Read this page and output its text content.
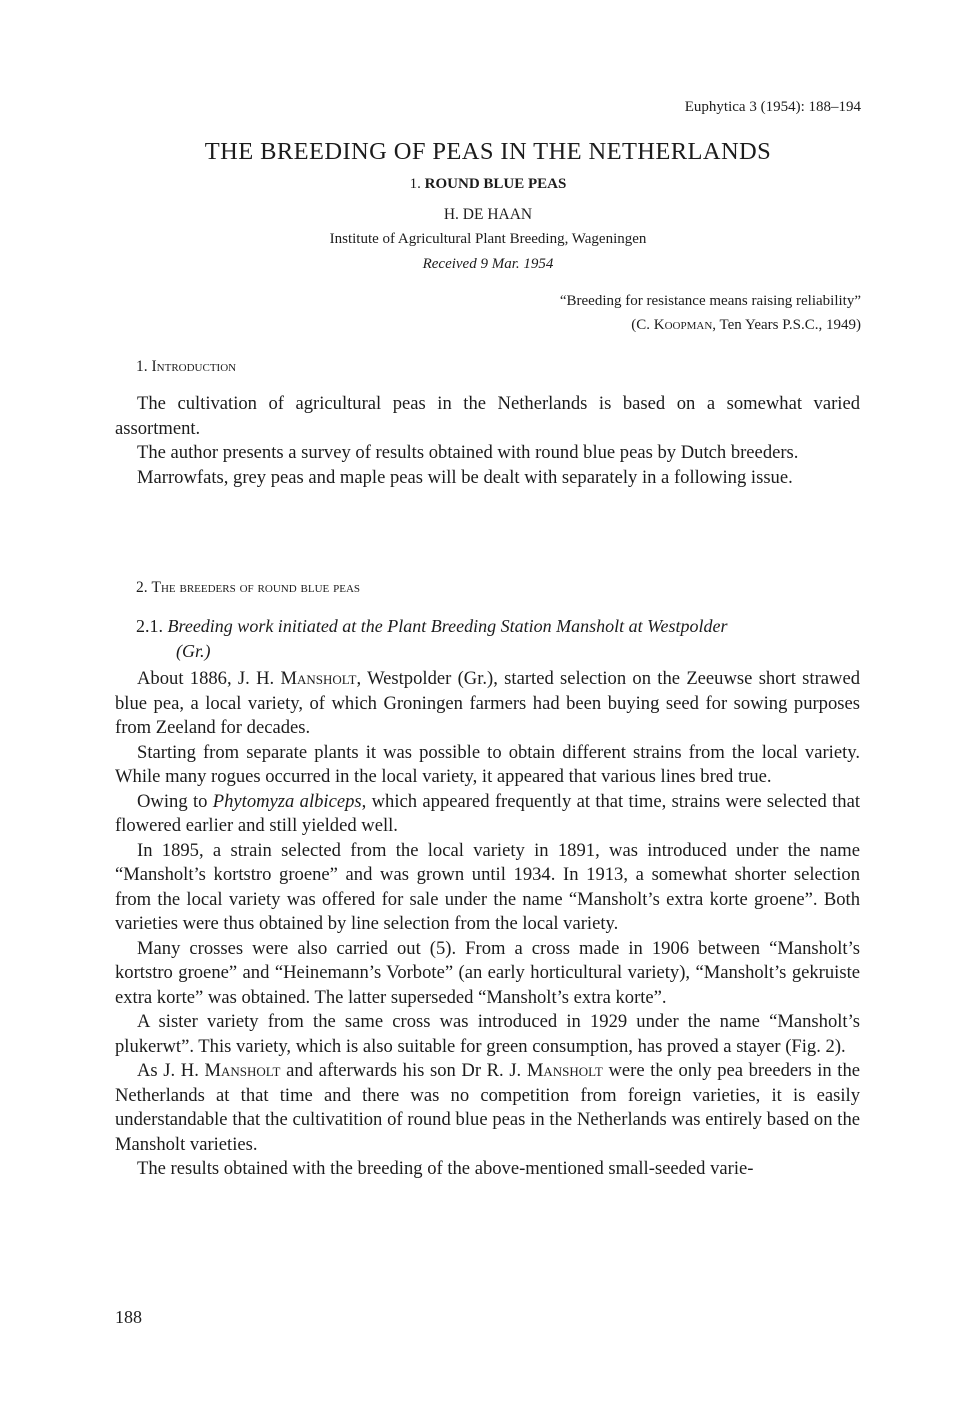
Euphytica 3 (1954): 188–194
THE BREEDING OF PEAS IN THE NETHERLANDS
1. ROUND BLUE PEAS
H. DE HAAN
Institute of Agricultural Plant Breeding, Wageningen
Received 9 Mar. 1954
“Breeding for resistance means raising reliability”
(C. Koopman, Ten Years P.S.C., 1949)
1. Introduction

The cultivation of agricultural peas in the Netherlands is based on a somewhat varied assortment.

The author presents a survey of results obtained with round blue peas by Dutch breeders.

Marrowfats, grey peas and maple peas will be dealt with separately in a following issue.

2. The breeders of round blue peas
2.1. Breeding work initiated at the Plant Breeding Station Mansholt at Westpolder
(Gr.)

About 1886, J. H. Mansholt, Westpolder (Gr.), started selection on the Zeeuwse short strawed blue pea, a local variety, of which Groningen farmers had been buying seed for sowing purposes from Zeeland for decades.

Starting from separate plants it was possible to obtain different strains from the local variety. While many rogues occurred in the local variety, it appeared that various lines bred true.

Owing to Phytomyza albiceps, which appeared frequently at that time, strains were selected that flowered earlier and still yielded well.

In 1895, a strain selected from the local variety in 1891, was introduced under the name “Mansholt’s kortstro groene” and was grown until 1934. In 1913, a somewhat shorter selection from the local variety was offered for sale under the name “Mansholt’s extra korte groene”. Both varieties were thus obtained by line selection from the local variety.

Many crosses were also carried out (5). From a cross made in 1906 between “Mansholt’s kortstro groene” and “Heinemann’s Vorbote” (an early horticultural variety), “Mansholt’s gekruiste extra korte” was obtained. The latter superseded “Mansholt’s extra korte”.

A sister variety from the same cross was introduced in 1929 under the name “Mansholt’s plukerwt”. This variety, which is also suitable for green consumption, has proved a stayer (Fig. 2).

As J. H. Mansholt and afterwards his son Dr R. J. Mansholt were the only pea breeders in the Netherlands at that time and there was no competition from foreign varieties, it is easily understandable that the cultivatition of round blue peas in the Netherlands was entirely based on the Mansholt varieties.

The results obtained with the breeding of the above-mentioned small-seeded varie-

188
